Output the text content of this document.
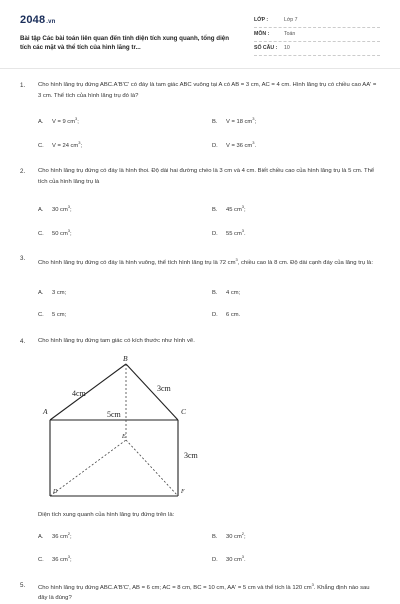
2048.vn
Bài tập Các bài toán liên quan đến tính diện tích xung quanh, tổng diện tích các mặt và thể tích của hình lăng tr...
LỚP :	Lớp 7
MÔN :	Toán
SỐ CÂU : 10
1. Cho hình lăng trụ đứng ABC.A'B'C' có đáy là tam giác ABC vuông tại A có AB = 3 cm, AC = 4 cm. Hình lăng trụ có chiều cao AA' = 3 cm. Thể tích của hình lăng trụ đó là?
A. V = 9 $cm^3$;	B. V = 18 $cm^3$;
C. V = 24 $cm^3$;	D. V = 36 $cm^3$.
2. Cho hình lăng trụ đứng có đáy là hình thoi. Độ dài hai đường chéo là 3 cm và 4 cm. Biết chiều cao của hình lăng trụ là 5 cm. Thể tích của hình lăng trụ là
A. 30 $cm^3$;	B. 45 $cm^3$;
C. 50 $cm^3$;	D. 55 $cm^3$.
3.
Cho hình lăng trụ đứng có đáy là hình vuông, thể tích hình lăng trụ là 72 $cm^3$, chiều cao là 8 cm. Độ dài cạnh đáy của lăng trụ là:
A. 3 cm;	B. 4 cm;
C. 5 cm;	D. 6 cm.
4. Cho hình lăng trụ đứng tam giác có kích thước như hình vẽ.
B
A	C
E
D	F
4cm
3cm
5cm
3cm
Diện tích xung quanh của hình lăng trụ đứng trên là:
A. 36 $cm^2$;	B. 30 $cm^2$;
C. 36 $cm^3$;	D. 30 $cm^3$.
5. Cho hình lăng trụ đứng ABC.A'B'C', AB = 6 cm; AC = 8 cm, BC = 10 cm, AA' = 5 cm và thể tích là 120 $cm^3$. Khẳng định nào sau đây là đúng?
